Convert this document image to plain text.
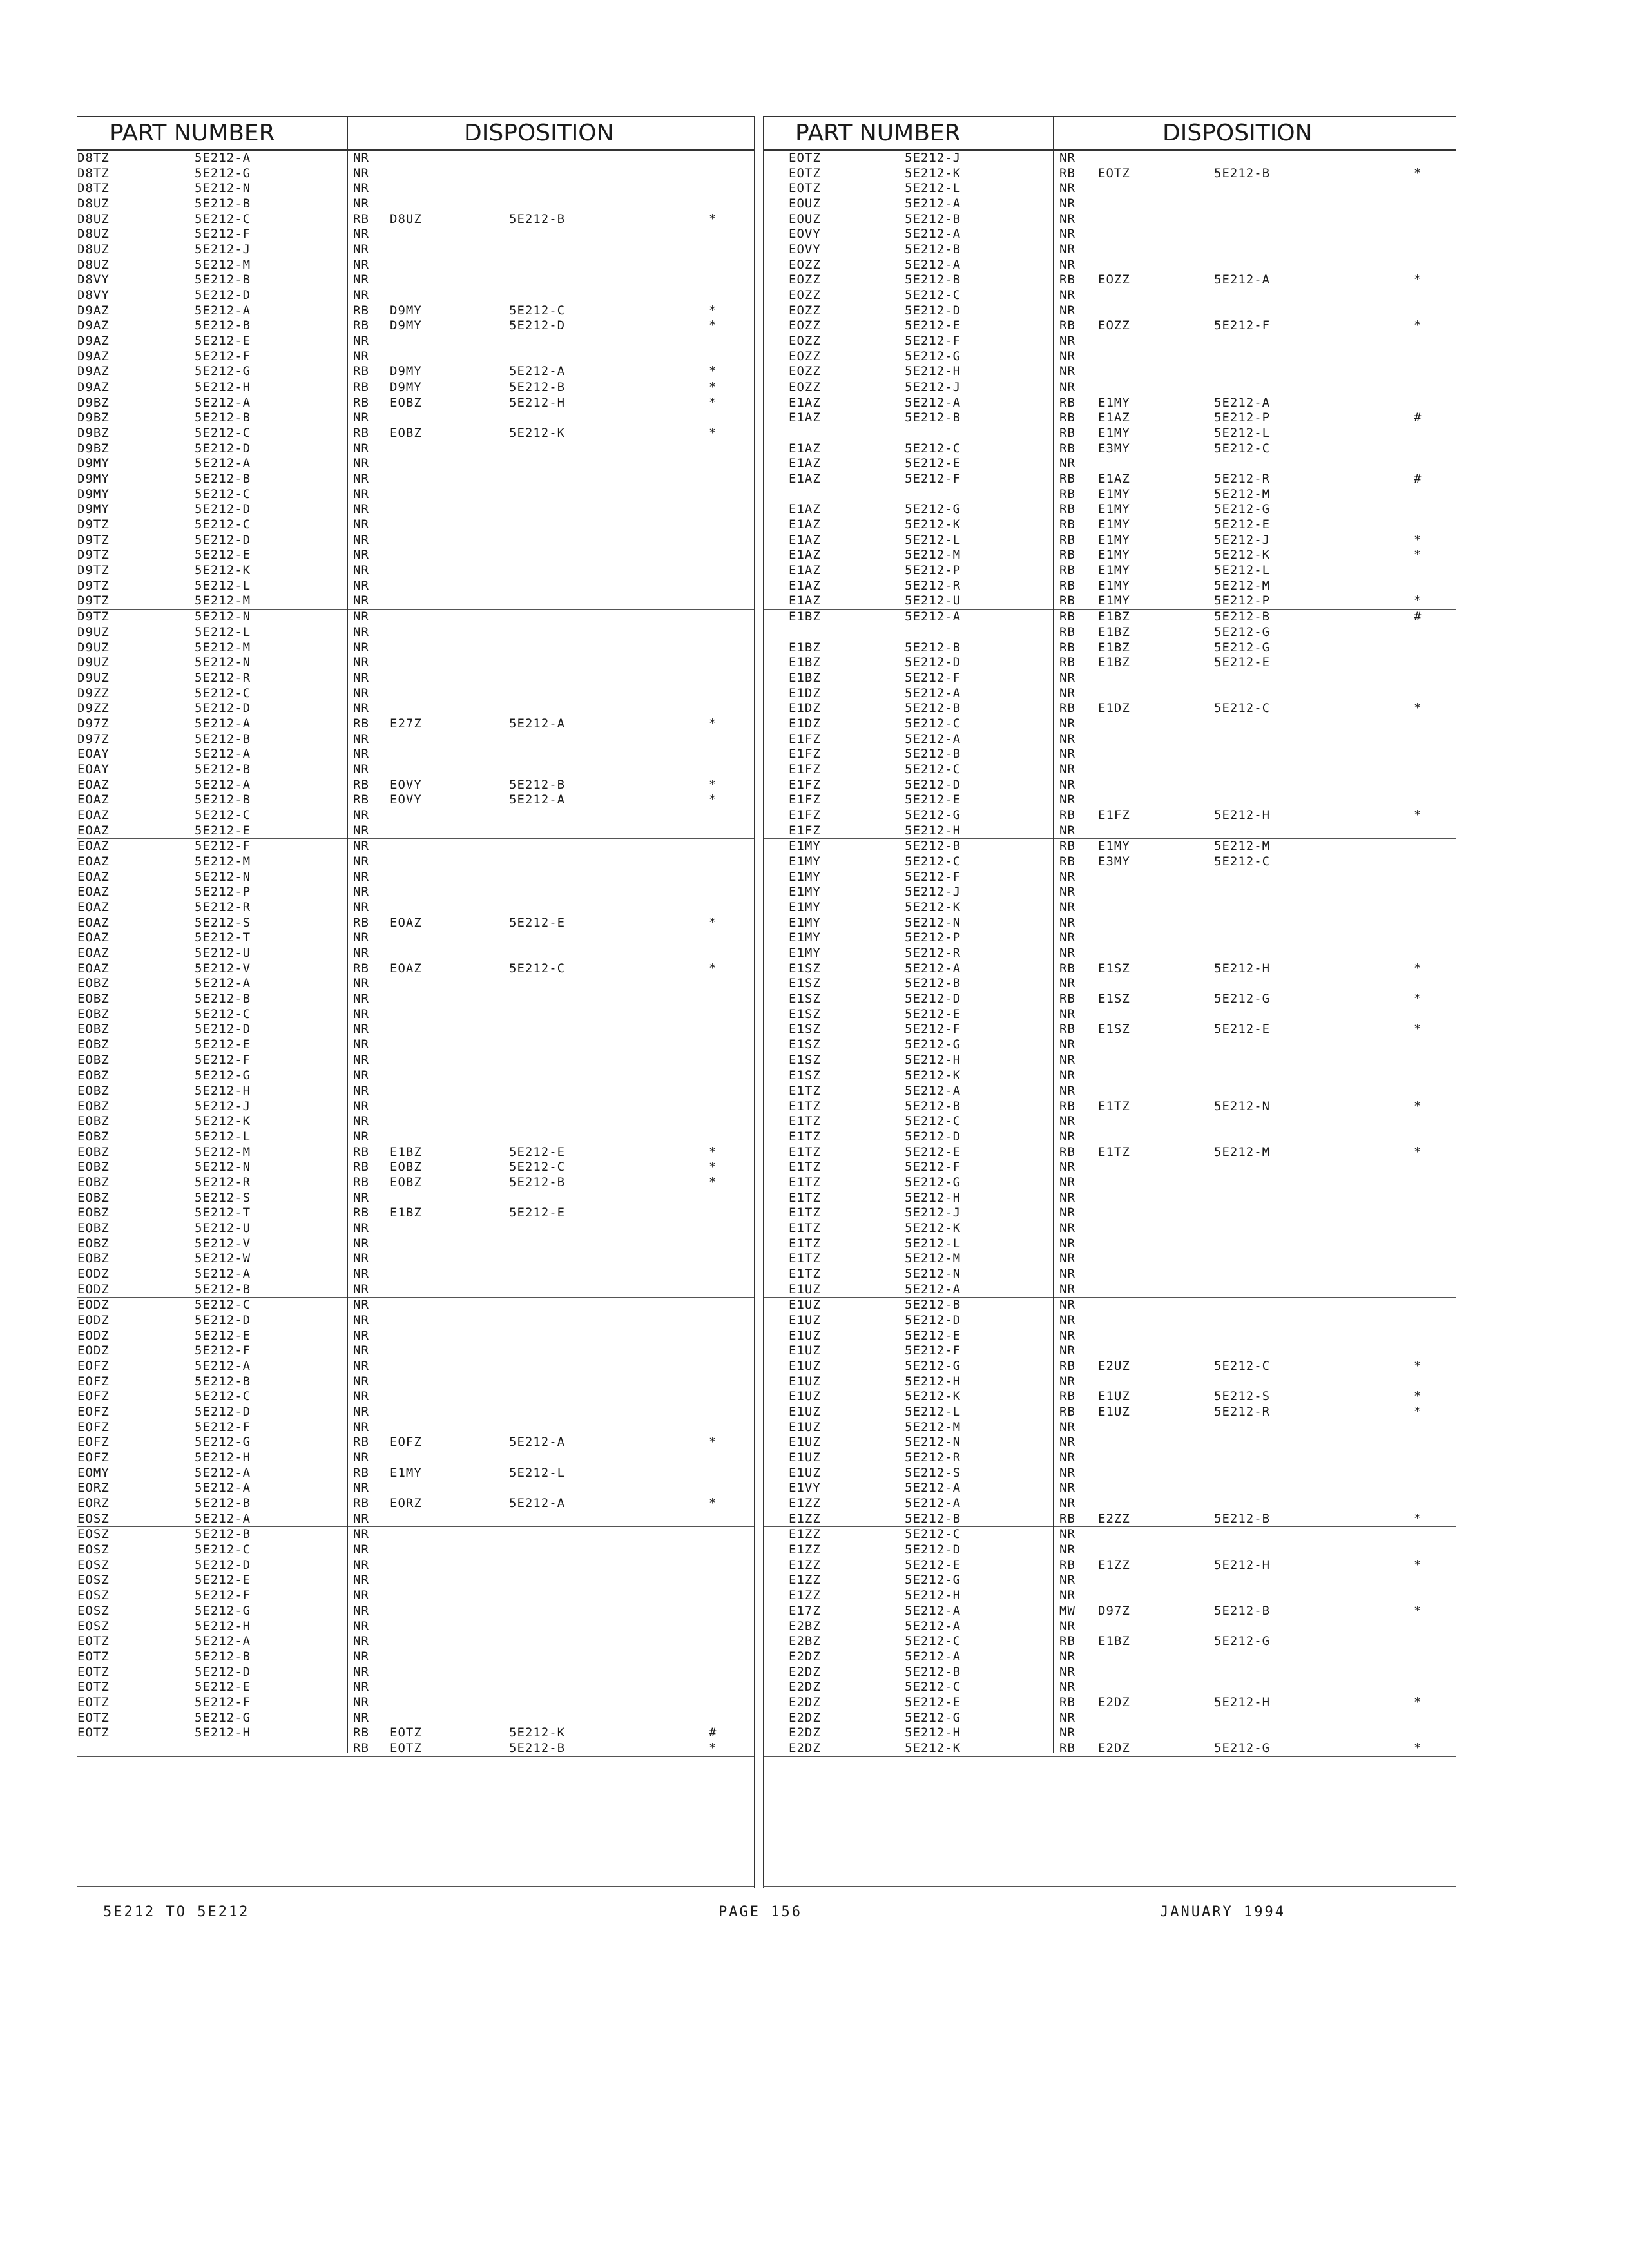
PART NUMBER	DISPOSITION
D8TZ	5E212-A	NR
D8TZ	5E212-G	NR
D8TZ	5E212-N	NR
D8UZ	5E212-B	NR
D8UZ	5E212-C	RB D8UZ	5E212-B	*
D8UZ	5E212-F	NR
D8UZ	5E212-J	NR
D8UZ	5E212-M	NR
D8VY	5E212-B	NR
D8VY	5E212-D	NR
D9AZ	5E212-A	RB D9MY	5E212-C	*
D9AZ	5E212-B	RB D9MY	5E212-D	*
D9AZ	5E212-E	NR
D9AZ	5E212-F	NR
D9AZ	5E212-G	RB D9MY	5E212-A	*
D9AZ	5E212-H	RB D9MY	5E212-B	*
D9BZ	5E212-A	RB EOBZ	5E212-H	*
D9BZ	5E212-B	NR
D9BZ	5E212-C	RB EOBZ	5E212-K	*
D9BZ	5E212-D	NR
D9MY	5E212-A	NR
D9MY	5E212-B	NR
D9MY	5E212-C	NR
D9MY	5E212-D	NR
D9TZ	5E212-C	NR
D9TZ	5E212-D	NR
D9TZ	5E212-E	NR
D9TZ	5E212-K	NR
D9TZ	5E212-L	NR
D9TZ	5E212-M	NR
D9TZ	5E212-N	NR
D9UZ	5E212-L	NR
D9UZ	5E212-M	NR
D9UZ	5E212-N	NR
D9UZ	5E212-R	NR
D9ZZ	5E212-C	NR
D9ZZ	5E212-D	NR
D97Z	5E212-A	RB E27Z	5E212-A	*
D97Z	5E212-B	NR
EOAY	5E212-A	NR
EOAY	5E212-B	NR
EOAZ	5E212-A	RB EOVY	5E212-B	*
EOAZ	5E212-B	RB EOVY	5E212-A	*
EOAZ	5E212-C	NR
EOAZ	5E212-E	NR
EOAZ	5E212-F	NR
EOAZ	5E212-M	NR
EOAZ	5E212-N	NR
EOAZ	5E212-P	NR
EOAZ	5E212-R	NR
EOAZ	5E212-S	RB EOAZ	5E212-E	*
EOAZ	5E212-T	NR
EOAZ	5E212-U	NR
EOAZ	5E212-V	RB EOAZ	5E212-C	*
EOBZ	5E212-A	NR
EOBZ	5E212-B	NR
EOBZ	5E212-C	NR
EOBZ	5E212-D	NR
EOBZ	5E212-E	NR
EOBZ	5E212-F	NR
EOBZ	5E212-G	NR
EOBZ	5E212-H	NR
EOBZ	5E212-J	NR
EOBZ	5E212-K	NR
EOBZ	5E212-L	NR
EOBZ	5E212-M	RB E1BZ	5E212-E	*
EOBZ	5E212-N	RB EOBZ	5E212-C	*
EOBZ	5E212-R	RB EOBZ	5E212-B	*
EOBZ	5E212-S	NR
EOBZ	5E212-T	RB E1BZ	5E212-E
EOBZ	5E212-U	NR
EOBZ	5E212-V	NR
EOBZ	5E212-W	NR
EODZ	5E212-A	NR
EODZ	5E212-B	NR
EODZ	5E212-C	NR
EODZ	5E212-D	NR
EODZ	5E212-E	NR
EODZ	5E212-F	NR
EOFZ	5E212-A	NR
EOFZ	5E212-B	NR
EOFZ	5E212-C	NR
EOFZ	5E212-D	NR
EOFZ	5E212-F	NR
EOFZ	5E212-G	RB EOFZ	5E212-A	*
EOFZ	5E212-H	NR
EOMY	5E212-A	RB E1MY	5E212-L
EORZ	5E212-A	NR
EORZ	5E212-B	RB EORZ	5E212-A	*
EOSZ	5E212-A	NR
EOSZ	5E212-B	NR
EOSZ	5E212-C	NR
EOSZ	5E212-D	NR
EOSZ	5E212-E	NR
EOSZ	5E212-F	NR
EOSZ	5E212-G	NR
EOSZ	5E212-H	NR
EOTZ	5E212-A	NR
EOTZ	5E212-B	NR
EOTZ	5E212-D	NR
EOTZ	5E212-E	NR
EOTZ	5E212-F	NR
EOTZ	5E212-G	NR
EOTZ	5E212-H	RB EOTZ	5E212-K	#
RB EOTZ	5E212-B	*
PART NUMBER	DISPOSITION
EOTZ	5E212-J	NR
EOTZ	5E212-K	RB EOTZ	5E212-B	*
EOTZ	5E212-L	NR
EOUZ	5E212-A	NR
EOUZ	5E212-B	NR
EOVY	5E212-A	NR
EOVY	5E212-B	NR
EOZZ	5E212-A	NR
EOZZ	5E212-B	RB EOZZ	5E212-A	*
EOZZ	5E212-C	NR
EOZZ	5E212-D	NR
EOZZ	5E212-E	RB EOZZ	5E212-F	*
EOZZ	5E212-F	NR
EOZZ	5E212-G	NR
EOZZ	5E212-H	NR
EOZZ	5E212-J	NR
E1AZ	5E212-A	RB E1MY	5E212-A
E1AZ	5E212-B	RB E1AZ	5E212-P	#
RB E1MY	5E212-L
E1AZ	5E212-C	RB E3MY	5E212-C
E1AZ	5E212-E	NR
E1AZ	5E212-F	RB E1AZ	5E212-R	#
RB E1MY	5E212-M
E1AZ	5E212-G	RB E1MY	5E212-G
E1AZ	5E212-K	RB E1MY	5E212-E
E1AZ	5E212-L	RB E1MY	5E212-J	*
E1AZ	5E212-M	RB E1MY	5E212-K	*
E1AZ	5E212-P	RB E1MY	5E212-L
E1AZ	5E212-R	RB E1MY	5E212-M
E1AZ	5E212-U	RB E1MY	5E212-P	*
E1BZ	5E212-A	RB E1BZ	5E212-B	#
RB E1BZ	5E212-G
E1BZ	5E212-B	RB E1BZ	5E212-G
E1BZ	5E212-D	RB E1BZ	5E212-E
E1BZ	5E212-F	NR
E1DZ	5E212-A	NR
E1DZ	5E212-B	RB E1DZ	5E212-C	*
E1DZ	5E212-C	NR
E1FZ	5E212-A	NR
E1FZ	5E212-B	NR
E1FZ	5E212-C	NR
E1FZ	5E212-D	NR
E1FZ	5E212-E	NR
E1FZ	5E212-G	RB E1FZ	5E212-H	*
E1FZ	5E212-H	NR
E1MY	5E212-B	RB E1MY	5E212-M
E1MY	5E212-C	RB E3MY	5E212-C
E1MY	5E212-F	NR
E1MY	5E212-J	NR
E1MY	5E212-K	NR
E1MY	5E212-N	NR
E1MY	5E212-P	NR
E1MY	5E212-R	NR
E1SZ	5E212-A	RB E1SZ	5E212-H	*
E1SZ	5E212-B	NR
E1SZ	5E212-D	RB E1SZ	5E212-G	*
E1SZ	5E212-E	NR
E1SZ	5E212-F	RB E1SZ	5E212-E	*
E1SZ	5E212-G	NR
E1SZ	5E212-H	NR
E1SZ	5E212-K	NR
E1TZ	5E212-A	NR
E1TZ	5E212-B	RB E1TZ	5E212-N	*
E1TZ	5E212-C	NR
E1TZ	5E212-D	NR
E1TZ	5E212-E	RB E1TZ	5E212-M	*
E1TZ	5E212-F	NR
E1TZ	5E212-G	NR
E1TZ	5E212-H	NR
E1TZ	5E212-J	NR
E1TZ	5E212-K	NR
E1TZ	5E212-L	NR
E1TZ	5E212-M	NR
E1TZ	5E212-N	NR
E1UZ	5E212-A	NR
E1UZ	5E212-B	NR
E1UZ	5E212-D	NR
E1UZ	5E212-E	NR
E1UZ	5E212-F	NR
E1UZ	5E212-G	RB E2UZ	5E212-C	*
E1UZ	5E212-H	NR
E1UZ	5E212-K	RB E1UZ	5E212-S	*
E1UZ	5E212-L	RB E1UZ	5E212-R	*
E1UZ	5E212-M	NR
E1UZ	5E212-N	NR
E1UZ	5E212-R	NR
E1UZ	5E212-S	NR
E1VY	5E212-A	NR
E1ZZ	5E212-A	NR
E1ZZ	5E212-B	RB E2ZZ	5E212-B	*
E1ZZ	5E212-C	NR
E1ZZ	5E212-D	NR
E1ZZ	5E212-E	RB E1ZZ	5E212-H	*
E1ZZ	5E212-G	NR
E1ZZ	5E212-H	NR
E17Z	5E212-A	MW D97Z	5E212-B	*
E2BZ	5E212-A	NR
E2BZ	5E212-C	RB E1BZ	5E212-G
E2DZ	5E212-A	NR
E2DZ	5E212-B	NR
E2DZ	5E212-C	NR
E2DZ	5E212-E	RB E2DZ	5E212-H	*
E2DZ	5E212-G	NR
E2DZ	5E212-H	NR
E2DZ	5E212-K	RB E2DZ	5E212-G	*
5E212 TO 5E212	PAGE 156	JANUARY 1994
